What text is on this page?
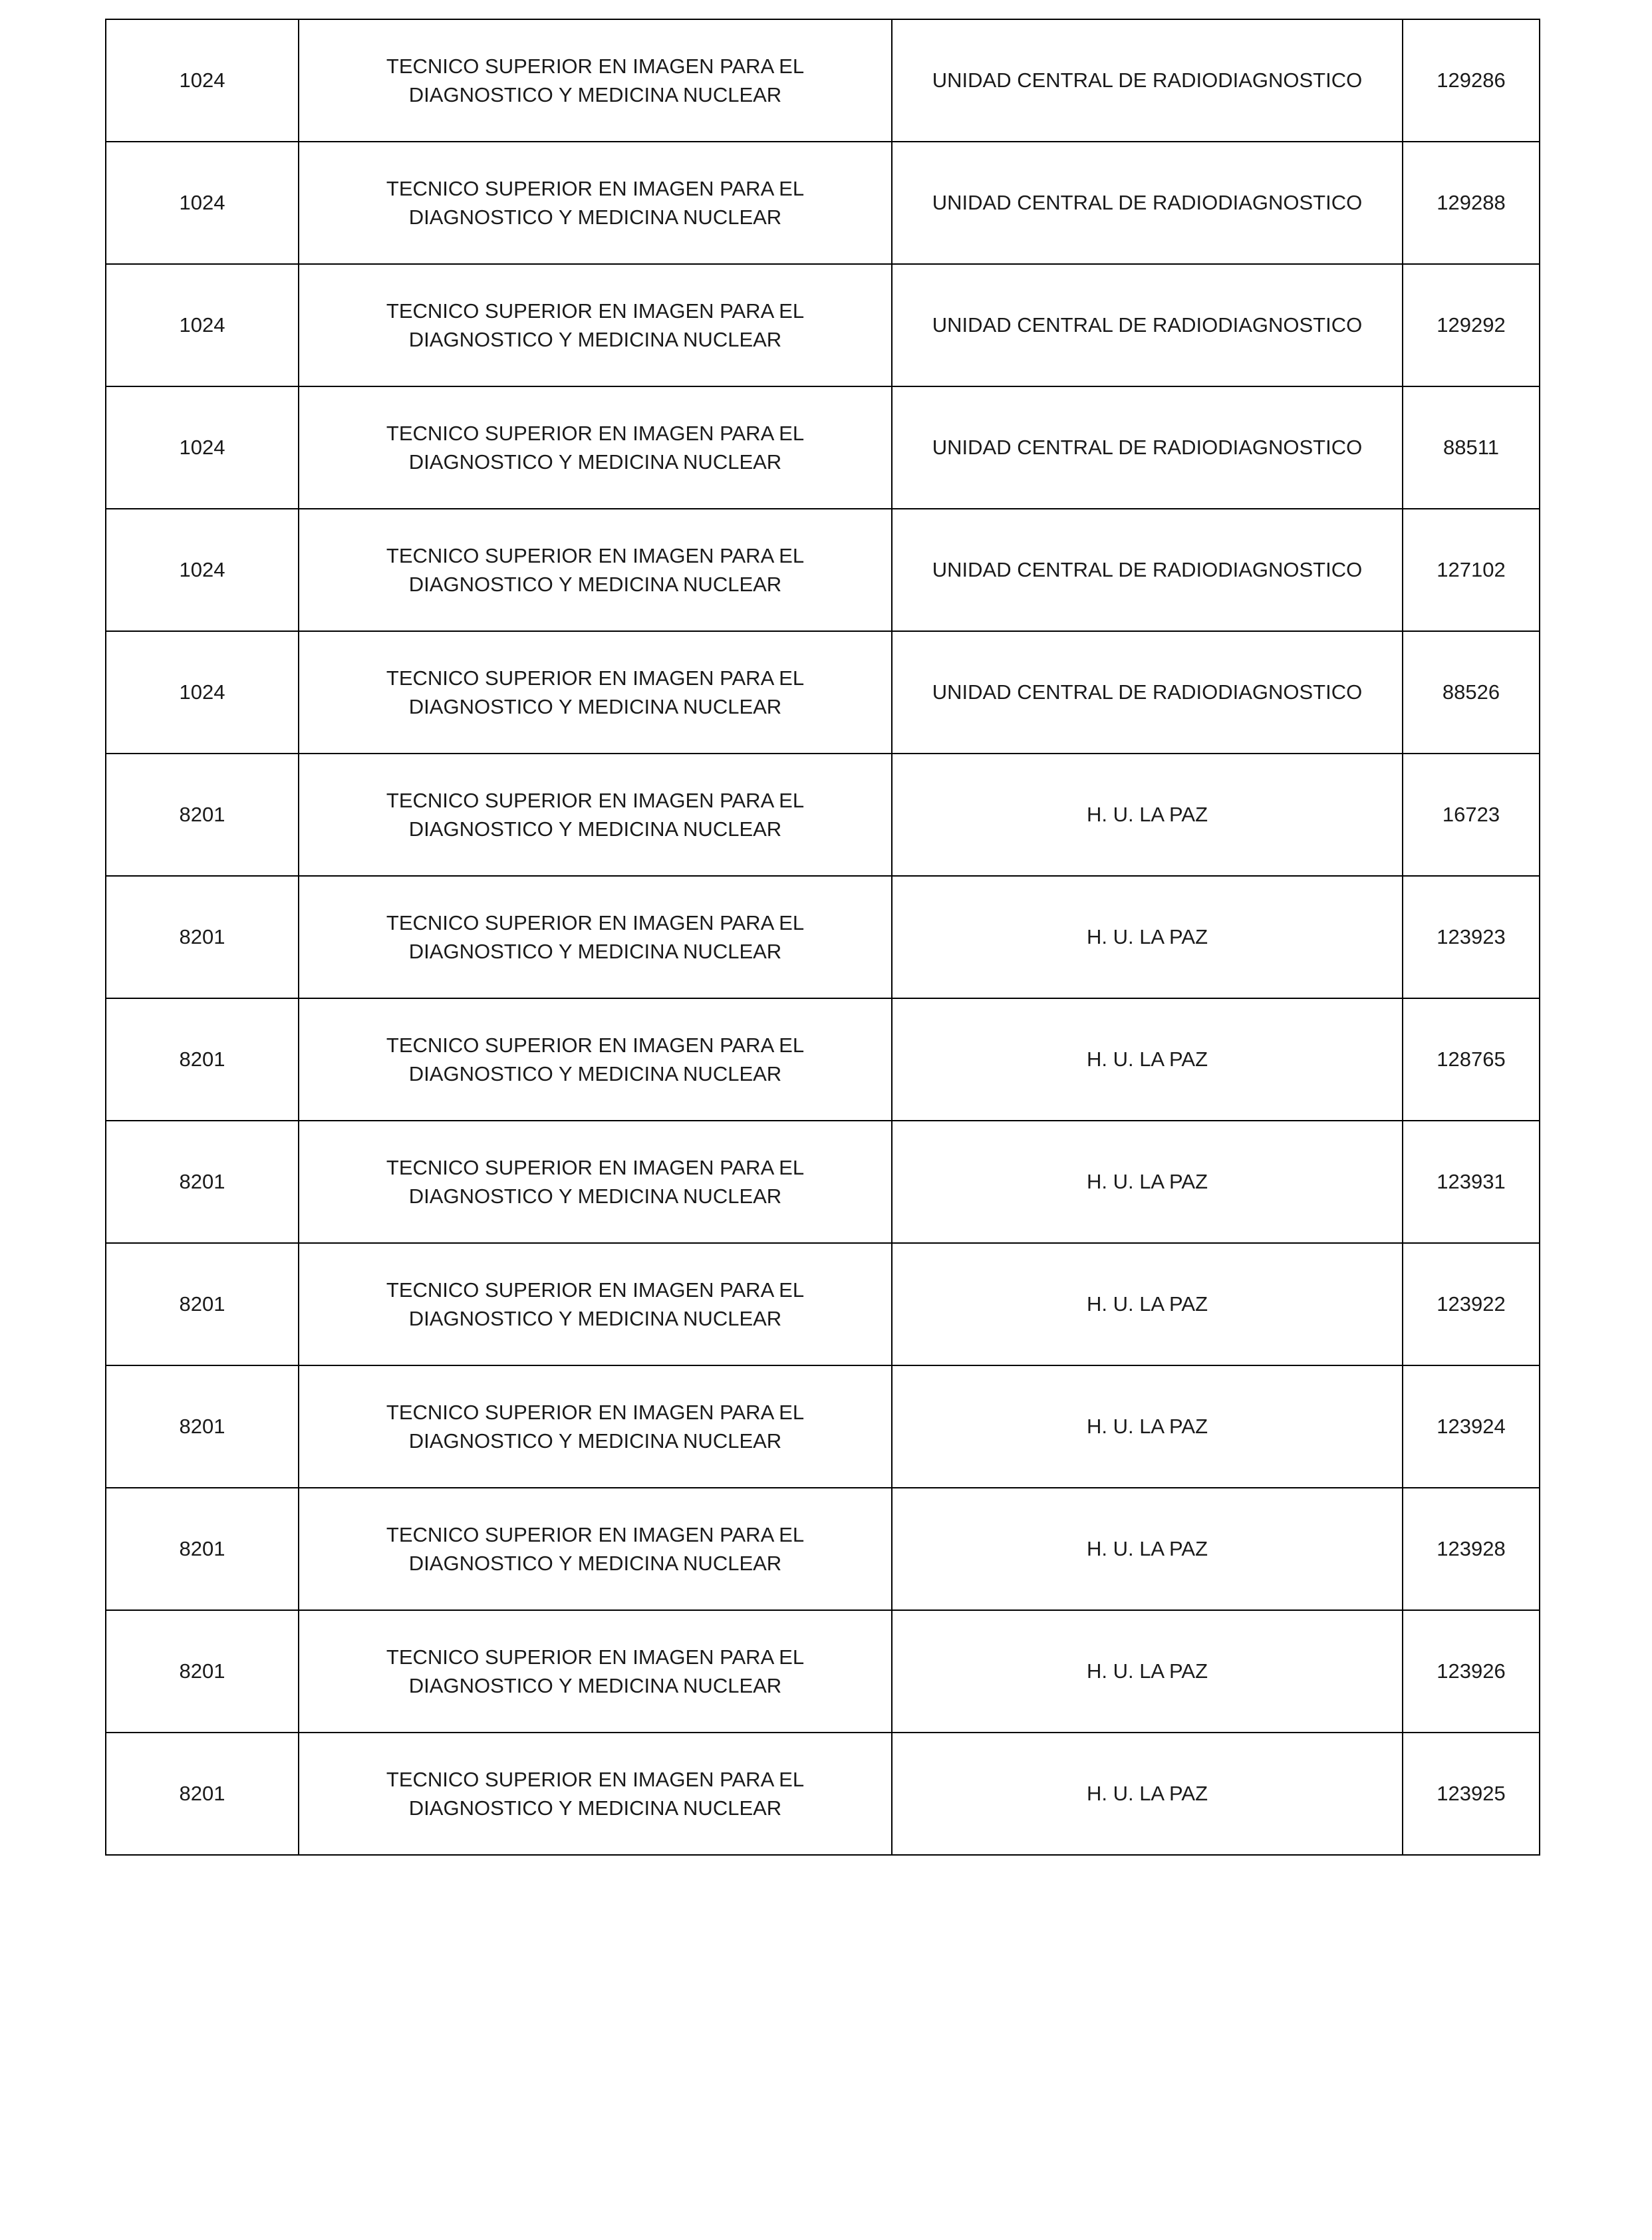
1024	TECNICO SUPERIOR EN IMAGEN PARA EL DIAGNOSTICO Y MEDICINA NUCLEAR	UNIDAD CENTRAL DE RADIODIAGNOSTICO	129286
1024	TECNICO SUPERIOR EN IMAGEN PARA EL DIAGNOSTICO Y MEDICINA NUCLEAR	UNIDAD CENTRAL DE RADIODIAGNOSTICO	129288
1024	TECNICO SUPERIOR EN IMAGEN PARA EL DIAGNOSTICO Y MEDICINA NUCLEAR	UNIDAD CENTRAL DE RADIODIAGNOSTICO	129292
1024	TECNICO SUPERIOR EN IMAGEN PARA EL DIAGNOSTICO Y MEDICINA NUCLEAR	UNIDAD CENTRAL DE RADIODIAGNOSTICO	88511
1024	TECNICO SUPERIOR EN IMAGEN PARA EL DIAGNOSTICO Y MEDICINA NUCLEAR	UNIDAD CENTRAL DE RADIODIAGNOSTICO	127102
1024	TECNICO SUPERIOR EN IMAGEN PARA EL DIAGNOSTICO Y MEDICINA NUCLEAR	UNIDAD CENTRAL DE RADIODIAGNOSTICO	88526
8201	TECNICO SUPERIOR EN IMAGEN PARA EL DIAGNOSTICO Y MEDICINA NUCLEAR	H. U. LA PAZ	16723
8201	TECNICO SUPERIOR EN IMAGEN PARA EL DIAGNOSTICO Y MEDICINA NUCLEAR	H. U. LA PAZ	123923
8201	TECNICO SUPERIOR EN IMAGEN PARA EL DIAGNOSTICO Y MEDICINA NUCLEAR	H. U. LA PAZ	128765
8201	TECNICO SUPERIOR EN IMAGEN PARA EL DIAGNOSTICO Y MEDICINA NUCLEAR	H. U. LA PAZ	123931
8201	TECNICO SUPERIOR EN IMAGEN PARA EL DIAGNOSTICO Y MEDICINA NUCLEAR	H. U. LA PAZ	123922
8201	TECNICO SUPERIOR EN IMAGEN PARA EL DIAGNOSTICO Y MEDICINA NUCLEAR	H. U. LA PAZ	123924
8201	TECNICO SUPERIOR EN IMAGEN PARA EL DIAGNOSTICO Y MEDICINA NUCLEAR	H. U. LA PAZ	123928
8201	TECNICO SUPERIOR EN IMAGEN PARA EL DIAGNOSTICO Y MEDICINA NUCLEAR	H. U. LA PAZ	123926
8201	TECNICO SUPERIOR EN IMAGEN PARA EL DIAGNOSTICO Y MEDICINA NUCLEAR	H. U. LA PAZ	123925
